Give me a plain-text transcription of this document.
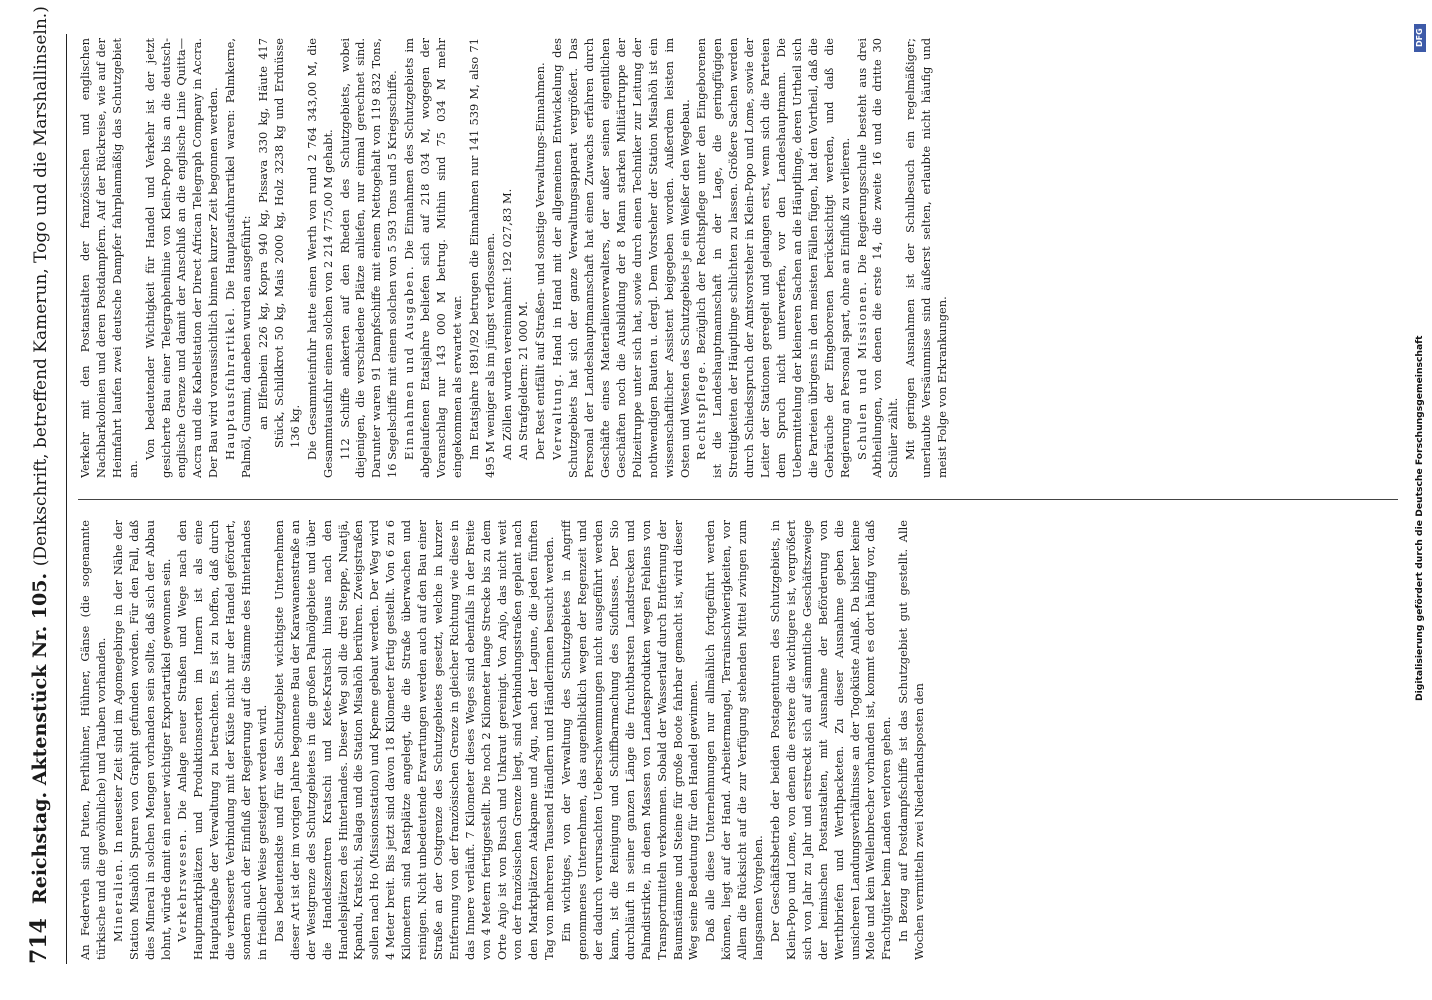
714
Reichstag. Aktenstück Nr. 105. (Denkschrift, betreffend Kamerun, Togo und die Marshallinseln.)

An Federvieh sind Puten, Perlhühner, Hühner, Gänse (die sogenannte türkische und die gewöhnliche) und Tauben vorhanden. Mineralien. In neuester Zeit sind im Agomegebirge in der Nähe der Station Misahöh Spuren von Graphit gefunden worden. Für den Fall, daß dies Mineral in solchen Mengen vorhanden sein sollte, daß sich der Abbau lohnt, würde damit ein neuer wichtiger Exportartikel gewonnen sein. Verkehrswesen. Die Anlage neuer Straßen und Wege nach den Hauptmarktplätzen und Produktionsorten im Innern ist als eine Hauptaufgabe der Verwaltung zu betrachten. Es ist zu hoffen, daß durch die verbesserte Verbindung mit der Küste nicht nur der Handel gefördert, sondern auch der Einfluß der Regierung auf die Stämme des Hinterlandes in friedlicher Weise gesteigert werden wird. Das bedeutendste und für das Schutzgebiet wichtigste Unternehmen dieser Art ist der im vorigen Jahre begonnene Bau der Karawanenstraße an der Westgrenze des Schutzgebietes in die großen Palmölgebiete und über die Handelszentren Kratschi und Kete-Kratschi hinaus nach den Handelsplätzen des Hinterlandes. Dieser Weg soll die drei Steppe, Nuatjä, Kpandu, Kratschi, Salaga und die Station Misahöh berühren. Zweigstraßen sollen nach Ho (Missionsstation) und Kpeme gebaut werden. Der Weg wird 4 Meter breit. Bis jetzt sind davon 18 Kilometer fertig gestellt. Von 6 zu 6 Kilometern sind Rastplätze angelegt, die die Straße überwachen und reinigen. Nicht unbedeutende Erwartungen werden auch auf den Bau einer Straße an der Ostgrenze des Schutzgebietes gesetzt, welche in kurzer Entfernung von der französischen Grenze in gleicher Richtung wie diese in das Innere verläuft. 7 Kilometer dieses Weges sind ebenfalls in der Breite von 4 Metern fertiggestellt. Die noch 2 Kilometer lange Strecke bis zu dem Orte Anjo ist von Busch und Unkraut gereinigt. Von Anjo, das nicht weit von der französischen Grenze liegt, sind Verbindungsstraßen geplant nach den Marktplätzen Atakpame und Agu, nach der Lagune, die jeden fünften Tag von mehreren Tausend Händlern und Händlerinnen besucht werden. Ein wichtiges, von der Verwaltung des Schutzgebietes in Angriff genommenes Unternehmen, das augenblicklich wegen der Regenzeit und der dadurch verursachten Ueberschwemmungen nicht ausgeführt werden kann, ist die Reinigung und Schiffbarmachung des Sioflusses. Der Sio durchläuft in seiner ganzen Länge die fruchtbarsten Landstrecken und Palmdistrikte, in denen Massen von Landesprodukten wegen Fehlens von Transportmitteln verkommen. Sobald der Wasserlauf durch Entfernung der Baumstämme und Steine für große Boote fahrbar gemacht ist, wird dieser Weg seine Bedeutung für den Handel gewinnen. Daß alle diese Unternehmungen nur allmählich fortgeführt werden können, liegt auf der Hand. Arbeitermangel, Terrainschwierigkeiten, vor Allem die Rücksicht auf die zur Verfügung stehenden Mittel zwingen zum langsamen Vorgehen. Der Geschäftsbetrieb der beiden Postagenturen des Schutzgebiets, in Klein-Popo und Lome, von denen die erstere die wichtigere ist, vergrößert sich von Jahr zu Jahr und erstreckt sich auf sämmtliche Geschäftszweige der heimischen Postanstalten, mit Ausnahme der Beförderung von Werthbriefen und Werthpacketen. Zu dieser Ausnahme geben die unsicheren Landungsverhältnisse an der Togoküste Anlaß. Da bisher keine Mole und kein Wellenbrecher vorhanden ist, kommt es dort häufig vor, daß Frachtgüter beim Landen verloren gehen. In Bezug auf Postdampfschiffe ist das Schutzgebiet gut gestellt. Alle Wochen vermitteln zwei Niederlandsposten den

Verkehr mit den Postanstalten der französischen und englischen Nachbarkolonien und deren Postdampfern. Auf der Rückreise, wie auf der Heimfahrt laufen zwei deutsche Dampfer fahrplanmäßig das Schutzgebiet an.

Von bedeutender Wichtigkeit für Handel und Verkehr ist der jetzt gesicherte Bau einer Telegraphenlinie von Klein-Popo bis an die deutsch-englische Grenze und damit der Anschluß an die englische Linie Quitta—Accra und die Kabelstation der Direct African Telegraph Company in Accra. Der Bau wird voraussichtlich binnen kurzer Zeit begonnen werden. Hauptausfuhrartikel. Die Hauptausfuhrartikel waren: Palmkerne, Palmöl, Gummi, daneben wurden ausgeführt: an Elfenbein 226 kg, Kopra 940 kg, Pissava 330 kg, Häute 417 Stück, Schildkrot 50 kg, Mais 2000 kg, Holz 3238 kg und Erdnüsse 136 kg. Die Gesammteinfuhr hatte einen Werth von rund 2 764 343,00 M, die Gesammtausfuhr einen solchen von 2 214 775,00 M gehabt. 112 Schiffe ankerten auf den Rheden des Schutzgebiets, wobei diejenigen, die verschiedene Plätze anliefen, nur einmal gerechnet sind. Darunter waren 91 Dampfschiffe mit einem Nettogehalt von 119 832 Tons, 16 Segelschiffe mit einem solchen von 5 593 Tons und 5 Kriegsschiffe. Einnahmen und Ausgaben. Die Einnahmen des Schutzgebiets im abgelaufenen Etatsjahre beliefen sich auf 218 034 M, wogegen der Voranschlag nur 143 000 M betrug. Mithin sind 75 034 M mehr eingekommen als erwartet war. Im Etatsjahre 1891/92 betrugen die Einnahmen nur 141 539 M, also 71 495 M weniger als im jüngst verflossenen. An Zöllen wurden vereinnahmt: 192 027,83 M. An Strafgeldern: 21 000 M. Der Rest entfällt auf Straßen- und sonstige Verwaltungs-Einnahmen. Verwaltung. Hand in Hand mit der allgemeinen Entwickelung des Schutzgebiets hat sich der ganze Verwaltungsapparat vergrößert. Das Personal der Landeshauptmannschaft hat einen Zuwachs erfahren durch Geschäfte eines Materialienverwalters, der außer seinen eigentlichen Geschäften noch die Ausbildung der 8 Mann starken Militärtruppe der Polizeitruppe unter sich hat, sowie durch einen Techniker zur Leitung der nothwendigen Bauten u. dergl. Dem Vorsteher der Station Misahöh ist ein wissenschaftlicher Assistent beigegeben worden. Außerdem leisten im Osten und Westen des Schutzgebiets je ein Weißer den Wegebau. Rechtspflege. Bezüglich der Rechtspflege unter den Eingeborenen ist die Landeshauptmannschaft in der Lage, die geringfügigen Streitigkeiten der Häuptlinge schlichten zu lassen. Größere Sachen werden durch Schiedsspruch der Amtsvorsteher in Klein-Popo und Lome, sowie der Leiter der Stationen geregelt und gelangen erst, wenn sich die Parteien dem Spruch nicht unterwerfen, vor den Landeshauptmann. Die Uebermittelung der kleineren Sachen an die Häuptlinge, deren Urtheil sich die Parteien übrigens in den meisten Fällen fügen, hat den Vortheil, daß die Gebräuche der Eingeborenen berücksichtigt werden, und daß die Regierung an Personal spart, ohne an Einfluß zu verlieren. Schulen und Missionen. Die Regierungsschule besteht aus drei Abtheilungen, von denen die erste 14, die zweite 16 und die dritte 30 Schüler zählt. Mit geringen Ausnahmen ist der Schulbesuch ein regelmäßiger; unerlaubte Versäumnisse sind äußerst selten, erlaubte nicht häufig und meist Folge von Erkrankungen.

DFG
Digitalisierung gefördert durch die Deutsche Forschungsgemeinschaft
